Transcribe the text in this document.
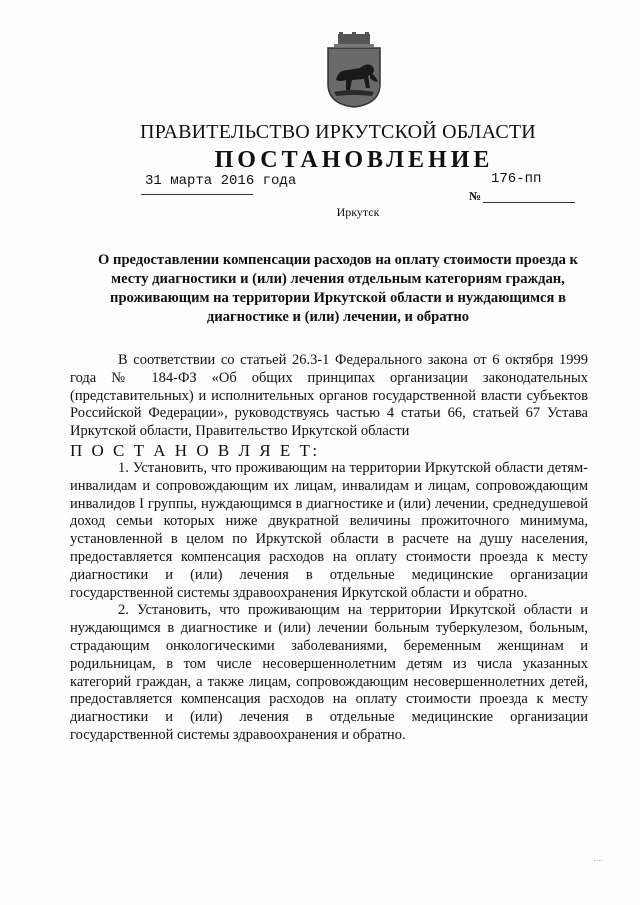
ПРАВИТЕЛЬСТВО ИРКУТСКОЙ ОБЛАСТИ
ПОСТАНОВЛЕНИЕ
31 марта 2016 года	176-пп
№
Иркутск
О предоставлении компенсации расходов на оплату стоимости проезда к месту диагностики и (или) лечения отдельным категориям граждан, проживающим на территории Иркутской области и нуждающимся в диагностике и (или) лечении, и обратно

В соответствии со статьей 26.3-1 Федерального закона от 6 октября 1999 года № 184-ФЗ «Об общих принципах организации законодательных (представительных) и исполнительных органов государственной власти субъектов Российской Федерации», руководствуясь частью 4 статьи 66, статьей 67 Устава Иркутской области, Правительство Иркутской области

П О С Т А Н О В Л Я Е Т:

1. Установить, что проживающим на территории Иркутской области детям-инвалидам и сопровождающим их лицам, инвалидам и лицам, сопровождающим инвалидов I группы, нуждающимся в диагностике и (или) лечении, среднедушевой доход семьи которых ниже двукратной величины прожиточного минимума, установленной в целом по Иркутской области в расчете на душу населения, предоставляется компенсация расходов на оплату стоимости проезда к месту диагностики и (или) лечения в отдельные медицинские организации государственной системы здравоохранения Иркутской области и обратно.

2. Установить, что проживающим на территории Иркутской области и нуждающимся в диагностике и (или) лечении больным туберкулезом, больным, страдающим онкологическими заболеваниями, беременным женщинам и родильницам, в том числе несовершеннолетним детям из числа указанных категорий граждан, а также лицам, сопровождающим несовершеннолетних детей, предоставляется компенсация расходов на оплату стоимости проезда к месту диагностики и (или) лечения в отдельные медицинские организации государственной системы здравоохранения и обратно.
